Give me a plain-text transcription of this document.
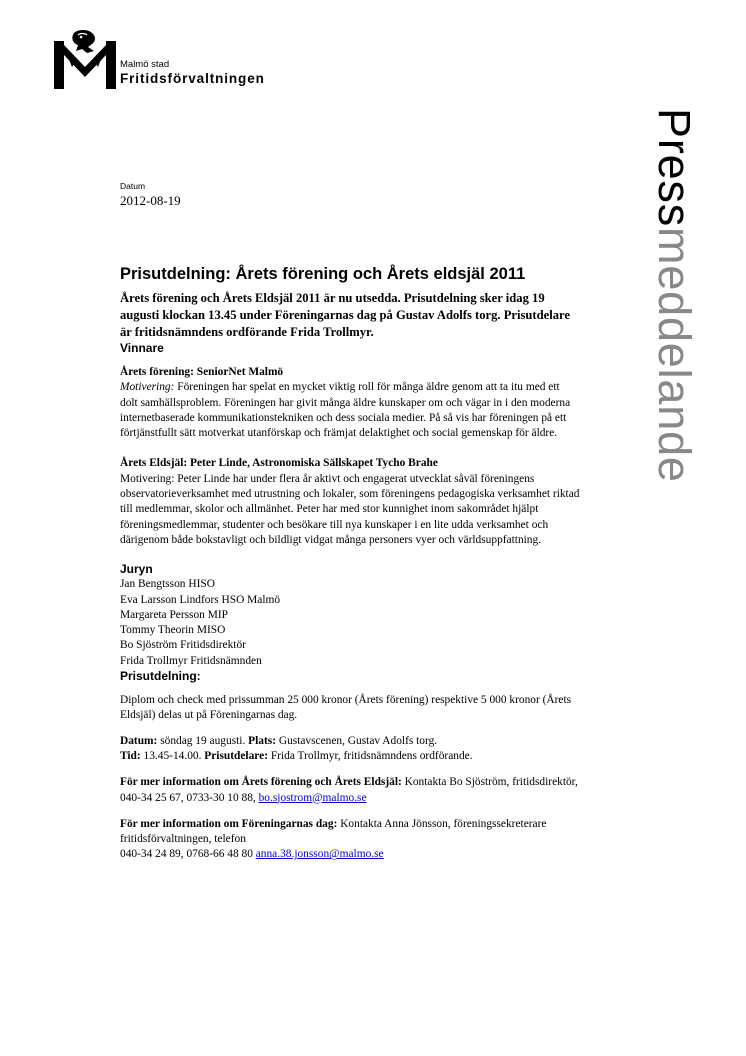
Malmö stad
Fritidsförvaltningen
Pressmeddelande
Datum
2012-08-19
Prisutdelning: Årets förening och Årets eldsjäl 2011

Årets förening och Årets Eldsjäl 2011 är nu utsedda. Prisutdelning sker idag 19 augusti klockan 13.45 under Föreningarnas dag på Gustav Adolfs torg. Prisutdelare är fritidsnämndens ordförande Frida Trollmyr.

Vinnare

Årets förening: SeniorNet Malmö

Motivering: Föreningen har spelat en mycket viktig roll för många äldre genom att ta itu med ett dolt samhällsproblem. Föreningen har givit många äldre kunskaper om och vägar in i den moderna internetbaserade kommunikationstekniken och dess sociala medier. På så vis har föreningen på ett förtjänstfullt sätt motverkat utanförskap och främjat delaktighet och social gemenskap för äldre.

Årets Eldsjäl: Peter Linde, Astronomiska Sällskapet Tycho Brahe

Motivering: Peter Linde har under flera år aktivt och engagerat utvecklat såväl föreningens observatorieverksamhet med utrustning och lokaler, som föreningens pedagogiska verksamhet riktad till medlemmar, skolor och allmänhet. Peter har med stor kunnighet inom sakområdet hjälpt föreningsmedlemmar, studenter och besökare till nya kunskaper i en lite udda verksamhet och därigenom både bokstavligt och bildligt vidgat många personers vyer och världsuppfattning.

Juryn

Jan Bengtsson HISO

Eva Larsson Lindfors HSO Malmö

Margareta Persson MIP

Tommy Theorin MISO

Bo Sjöström Fritidsdirektör

Frida Trollmyr Fritidsnämnden

Prisutdelning:

Diplom och check med prissumman 25 000 kronor (Årets förening) respektive 5 000 kronor (Årets Eldsjäl) delas ut på Föreningarnas dag.

Datum: söndag 19 augusti. Plats: Gustavscenen, Gustav Adolfs torg.

Tid: 13.45-14.00. Prisutdelare: Frida Trollmyr, fritidsnämndens ordförande.

För mer information om Årets förening och Årets Eldsjäl: Kontakta Bo Sjöström, fritidsdirektör, 040-34 25 67, 0733-30 10 88, bo.sjostrom@malmo.se

För mer information om Föreningarnas dag: Kontakta Anna Jönsson, föreningssekreterare fritidsförvaltningen, telefon

040-34 24 89, 0768-66 48 80 anna.38.jonsson@malmo.se
